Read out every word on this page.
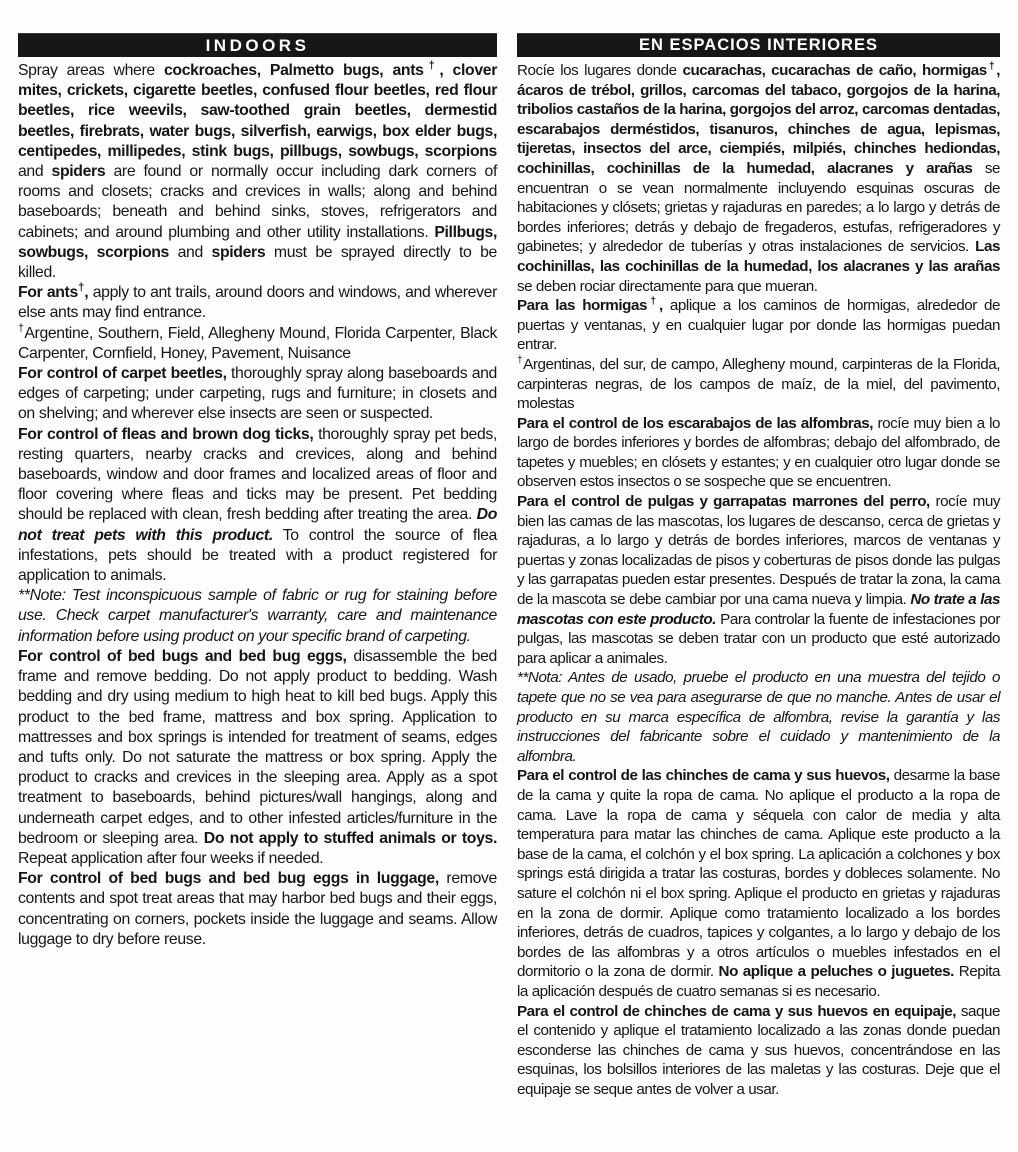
INDOORS

Spray areas where cockroaches, Palmetto bugs, ants†, clover mites, crickets, cigarette beetles, confused flour beetles, red flour beetles, rice weevils, saw-toothed grain beetles, dermestid beetles, firebrats, water bugs, silverfish, earwigs, box elder bugs, centipedes, millipedes, stink bugs, pillbugs, sowbugs, scorpions and spiders are found or normally occur including dark corners of rooms and closets; cracks and crevices in walls; along and behind baseboards; beneath and behind sinks, stoves, refrigerators and cabinets; and around plumbing and other utility installations. Pillbugs, sowbugs, scorpions and spiders must be sprayed directly to be killed.

For ants†, apply to ant trails, around doors and windows, and wherever else ants may find entrance.

†Argentine, Southern, Field, Allegheny Mound, Florida Carpenter, Black Carpenter, Cornfield, Honey, Pavement, Nuisance

For control of carpet beetles, thoroughly spray along baseboards and edges of carpeting; under carpeting, rugs and furniture; in closets and on shelving; and wherever else insects are seen or suspected.

For control of fleas and brown dog ticks, thoroughly spray pet beds, resting quarters, nearby cracks and crevices, along and behind baseboards, window and door frames and localized areas of floor and floor covering where fleas and ticks may be present. Pet bedding should be replaced with clean, fresh bedding after treating the area. Do not treat pets with this product. To control the source of flea infestations, pets should be treated with a product registered for application to animals.

**Note: Test inconspicuous sample of fabric or rug for staining before use. Check carpet manufacturer's warranty, care and maintenance information before using product on your specific brand of carpeting.

For control of bed bugs and bed bug eggs, disassemble the bed frame and remove bedding. Do not apply product to bedding. Wash bedding and dry using medium to high heat to kill bed bugs. Apply this product to the bed frame, mattress and box spring. Application to mattresses and box springs is intended for treatment of seams, edges and tufts only. Do not saturate the mattress or box spring. Apply the product to cracks and crevices in the sleeping area. Apply as a spot treatment to baseboards, behind pictures/wall hangings, along and underneath carpet edges, and to other infested articles/furniture in the bedroom or sleeping area. Do not apply to stuffed animals or toys. Repeat application after four weeks if needed.

For control of bed bugs and bed bug eggs in luggage, remove contents and spot treat areas that may harbor bed bugs and their eggs, concentrating on corners, pockets inside the luggage and seams. Allow luggage to dry before reuse.

EN ESPACIOS INTERIORES

Rocíe los lugares donde cucarachas, cucarachas de caño, hormigas†, ácaros de trébol, grillos, carcomas del tabaco, gorgojos de la harina, tribolios castaños de la harina, gorgojos del arroz, carcomas dentadas, escarabajos derméstidos, tisanuros, chinches de agua, lepismas, tijeretas, insectos del arce, ciempiés, milpiés, chinches hediondas, cochinillas, cochinillas de la humedad, alacranes y arañas se encuentran o se vean normalmente incluyendo esquinas oscuras de habitaciones y clósets; grietas y rajaduras en paredes; a lo largo y detrás de bordes inferiores; detrás y debajo de fregaderos, estufas, refrigeradores y gabinetes; y alrededor de tuberías y otras instalaciones de servicios. Las cochinillas, las cochinillas de la humedad, los alacranes y las arañas se deben rociar directamente para que mueran.

Para las hormigas†, aplique a los caminos de hormigas, alrededor de puertas y ventanas, y en cualquier lugar por donde las hormigas puedan entrar.

†Argentinas, del sur, de campo, Allegheny mound, carpinteras de la Florida, carpinteras negras, de los campos de maíz, de la miel, del pavimento, molestas

Para el control de los escarabajos de las alfombras, rocíe muy bien a lo largo de bordes inferiores y bordes de alfombras; debajo del alfombrado, de tapetes y muebles; en clósets y estantes; y en cualquier otro lugar donde se observen estos insectos o se sospeche que se encuentren.

Para el control de pulgas y garrapatas marrones del perro, rocíe muy bien las camas de las mascotas, los lugares de descanso, cerca de grietas y rajaduras, a lo largo y detrás de bordes inferiores, marcos de ventanas y puertas y zonas localizadas de pisos y coberturas de pisos donde las pulgas y las garrapatas pueden estar presentes. Después de tratar la zona, la cama de la mascota se debe cambiar por una cama nueva y limpia. No trate a las mascotas con este producto. Para controlar la fuente de infestaciones por pulgas, las mascotas se deben tratar con un producto que esté autorizado para aplicar a animales.

**Nota: Antes de usado, pruebe el producto en una muestra del tejido o tapete que no se vea para asegurarse de que no manche. Antes de usar el producto en su marca específica de alfombra, revise la garantía y las instrucciones del fabricante sobre el cuidado y mantenimiento de la alfombra.

Para el control de las chinches de cama y sus huevos, desarme la base de la cama y quite la ropa de cama. No aplique el producto a la ropa de cama. Lave la ropa de cama y séquela con calor de media y alta temperatura para matar las chinches de cama. Aplique este producto a la base de la cama, el colchón y el box spring. La aplicación a colchones y box springs está dirigida a tratar las costuras, bordes y dobleces solamente. No sature el colchón ni el box spring. Aplique el producto en grietas y rajaduras en la zona de dormir. Aplique como tratamiento localizado a los bordes inferiores, detrás de cuadros, tapices y colgantes, a lo largo y debajo de los bordes de las alfombras y a otros artículos o muebles infestados en el dormitorio o la zona de dormir. No aplique a peluches o juguetes. Repita la aplicación después de cuatro semanas si es necesario.

Para el control de chinches de cama y sus huevos en equipaje, saque el contenido y aplique el tratamiento localizado a las zonas donde puedan esconderse las chinches de cama y sus huevos, concentrándose en las esquinas, los bolsillos interiores de las maletas y las costuras. Deje que el equipaje se seque antes de volver a usar.
